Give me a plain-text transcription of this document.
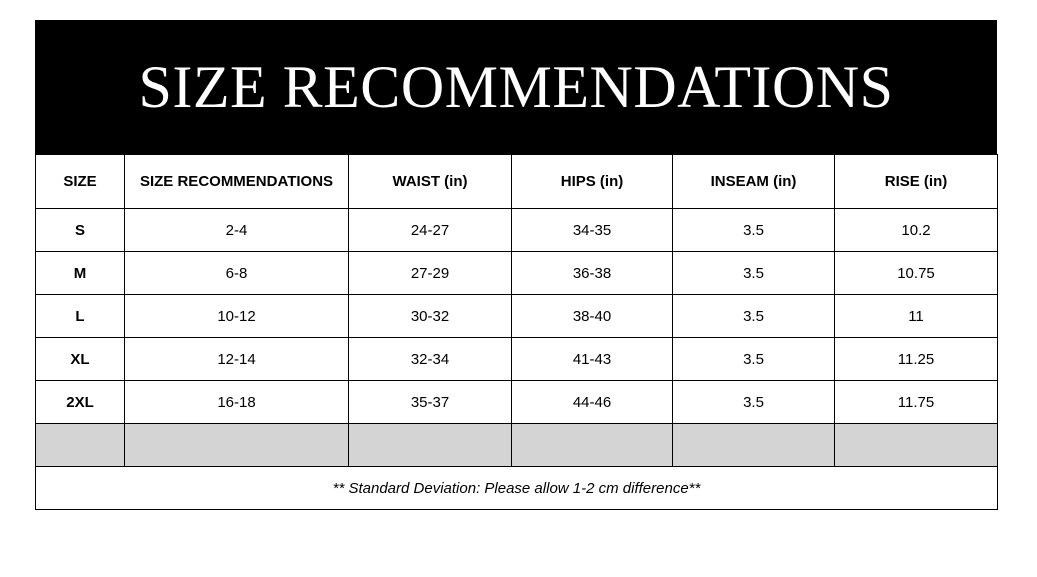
SIZE RECOMMENDATIONS
SIZE	SIZE RECOMMENDATIONS	WAIST (in)	HIPS (in)	INSEAM (in)	RISE (in)
S	2-4	24-27	34-35	3.5	10.2
M	6-8	27-29	36-38	3.5	10.75
L	10-12	30-32	38-40	3.5	11
XL	12-14	32-34	41-43	3.5	11.25
2XL	16-18	35-37	44-46	3.5	11.75

** Standard Deviation: Please allow 1-2 cm difference**					
